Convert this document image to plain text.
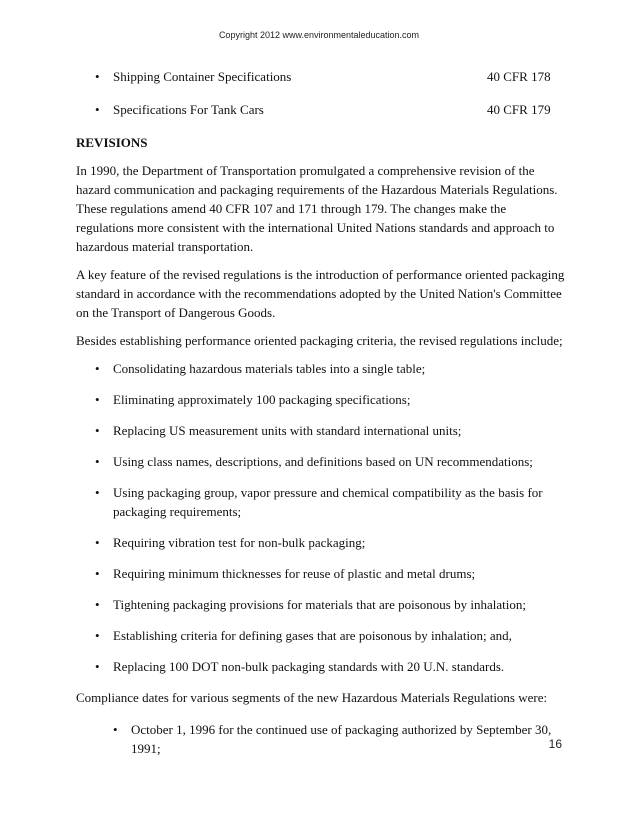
Copyright 2012 www.environmentaleducation.com
• Shipping Container Specifications	40 CFR 178
• Specifications For Tank Cars	40 CFR 179
REVISIONS

In 1990, the Department of Transportation promulgated a comprehensive revision of the hazard communication and packaging requirements of the Hazardous Materials Regulations. These regulations amend 40 CFR 107 and 171 through 179. The changes make the regulations more consistent with the international United Nations standards and approach to hazardous material transportation.

A key feature of the revised regulations is the introduction of performance oriented packaging standard in accordance with the recommendations adopted by the United Nation's Committee on the Transport of Dangerous Goods.

Besides establishing performance oriented packaging criteria, the revised regulations include;

• Consolidating hazardous materials tables into a single table;
• Eliminating approximately 100 packaging specifications;
• Replacing US measurement units with standard international units;
• Using class names, descriptions, and definitions based on UN recommendations;
• Using packaging group, vapor pressure and chemical compatibility as the basis for packaging requirements;
• Requiring vibration test for non-bulk packaging;
• Requiring minimum thicknesses for reuse of plastic and metal drums;
• Tightening packaging provisions for materials that are poisonous by inhalation;
• Establishing criteria for defining gases that are poisonous by inhalation; and,
• Replacing 100 DOT non-bulk packaging standards with 20 U.N. standards.

Compliance dates for various segments of the new Hazardous Materials Regulations were:

• October 1, 1996 for the continued use of packaging authorized by September 30, 1991;	16
